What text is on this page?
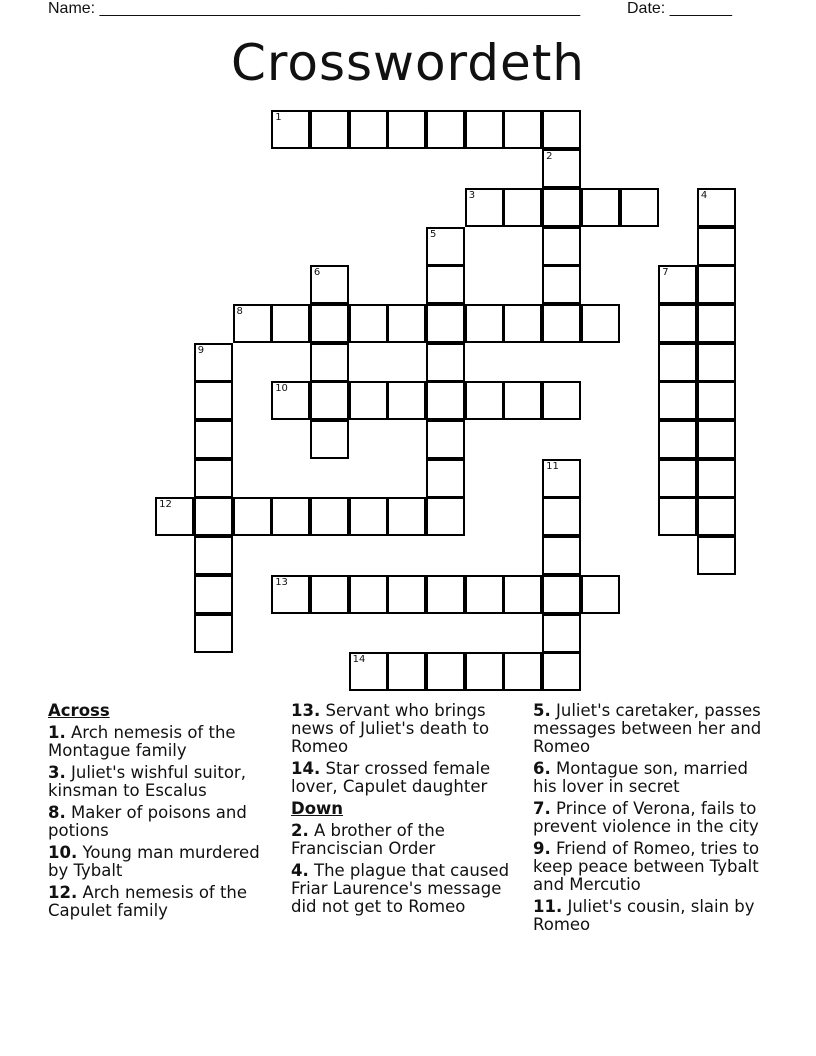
Name: ______________________________________________________	Date: _______
Crosswordeth
1
2
3	4
5
6	7
8
9
10
11
12
13
14
Across
1. Arch nemesis of the Montague family
3. Juliet's wishful suitor, kinsman to Escalus
8. Maker of poisons and potions
10. Young man murdered by Tybalt
12. Arch nemesis of the Capulet family
13. Servant who brings news of Juliet's death to Romeo
14. Star crossed female lover, Capulet daughter
Down
2. A brother of the Franciscian Order
4. The plague that caused Friar Laurence's message did not get to Romeo
5. Juliet's caretaker, passes messages between her and Romeo
6. Montague son, married his lover in secret
7. Prince of Verona, fails to prevent violence in the city
9. Friend of Romeo, tries to keep peace between Tybalt and Mercutio
11. Juliet's cousin, slain by Romeo
